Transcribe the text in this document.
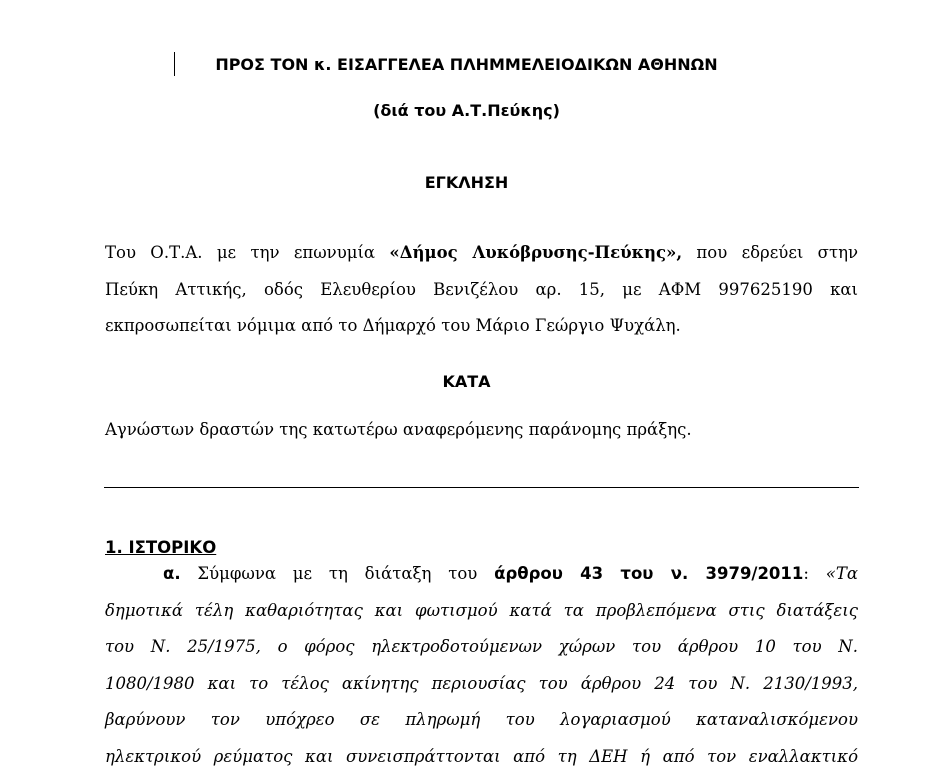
ΠΡΟΣ ΤΟΝ κ. ΕΙΣΑΓΓΕΛΕΑ ΠΛΗΜΜΕΛΕΙΟΔΙΚΩΝ ΑΘΗΝΩΝ

(διά του Α.Τ.Πεύκης)

ΕΓΚΛΗΣΗ

Του Ο.Τ.Α. με την επωνυμία «Δήμος Λυκόβρυσης-Πεύκης», που εδρεύει στην
Πεύκη Αττικής, οδός Ελευθερίου Βενιζέλου αρ. 15, με ΑΦΜ 997625190 και
εκπροσωπείται νόμιμα από το Δήμαρχό του Μάριο Γεώργιο Ψυχάλη.

ΚΑΤΑ

Αγνώστων δραστών της κατωτέρω αναφερόμενης παράνομης πράξης.

1. ΙΣΤΟΡΙΚΟ

α. Σύμφωνα με τη διάταξη του άρθρου 43 του ν. 3979/2011: «Τα
δημοτικά τέλη καθαριότητας και φωτισμού κατά τα προβλεπόμενα στις διατάξεις
του Ν. 25/1975, ο φόρος ηλεκτροδοτούμενων χώρων του άρθρου 10 του Ν.
1080/1980 και το τέλος ακίνητης περιουσίας του άρθρου 24 του Ν. 2130/1993,
βαρύνουν τον υπόχρεο σε πληρωμή του λογαριασμού καταναλισκόμενου
ηλεκτρικού ρεύματος και συνεισπράττονται από τη ΔΕΗ ή από τον εναλλακτικό
